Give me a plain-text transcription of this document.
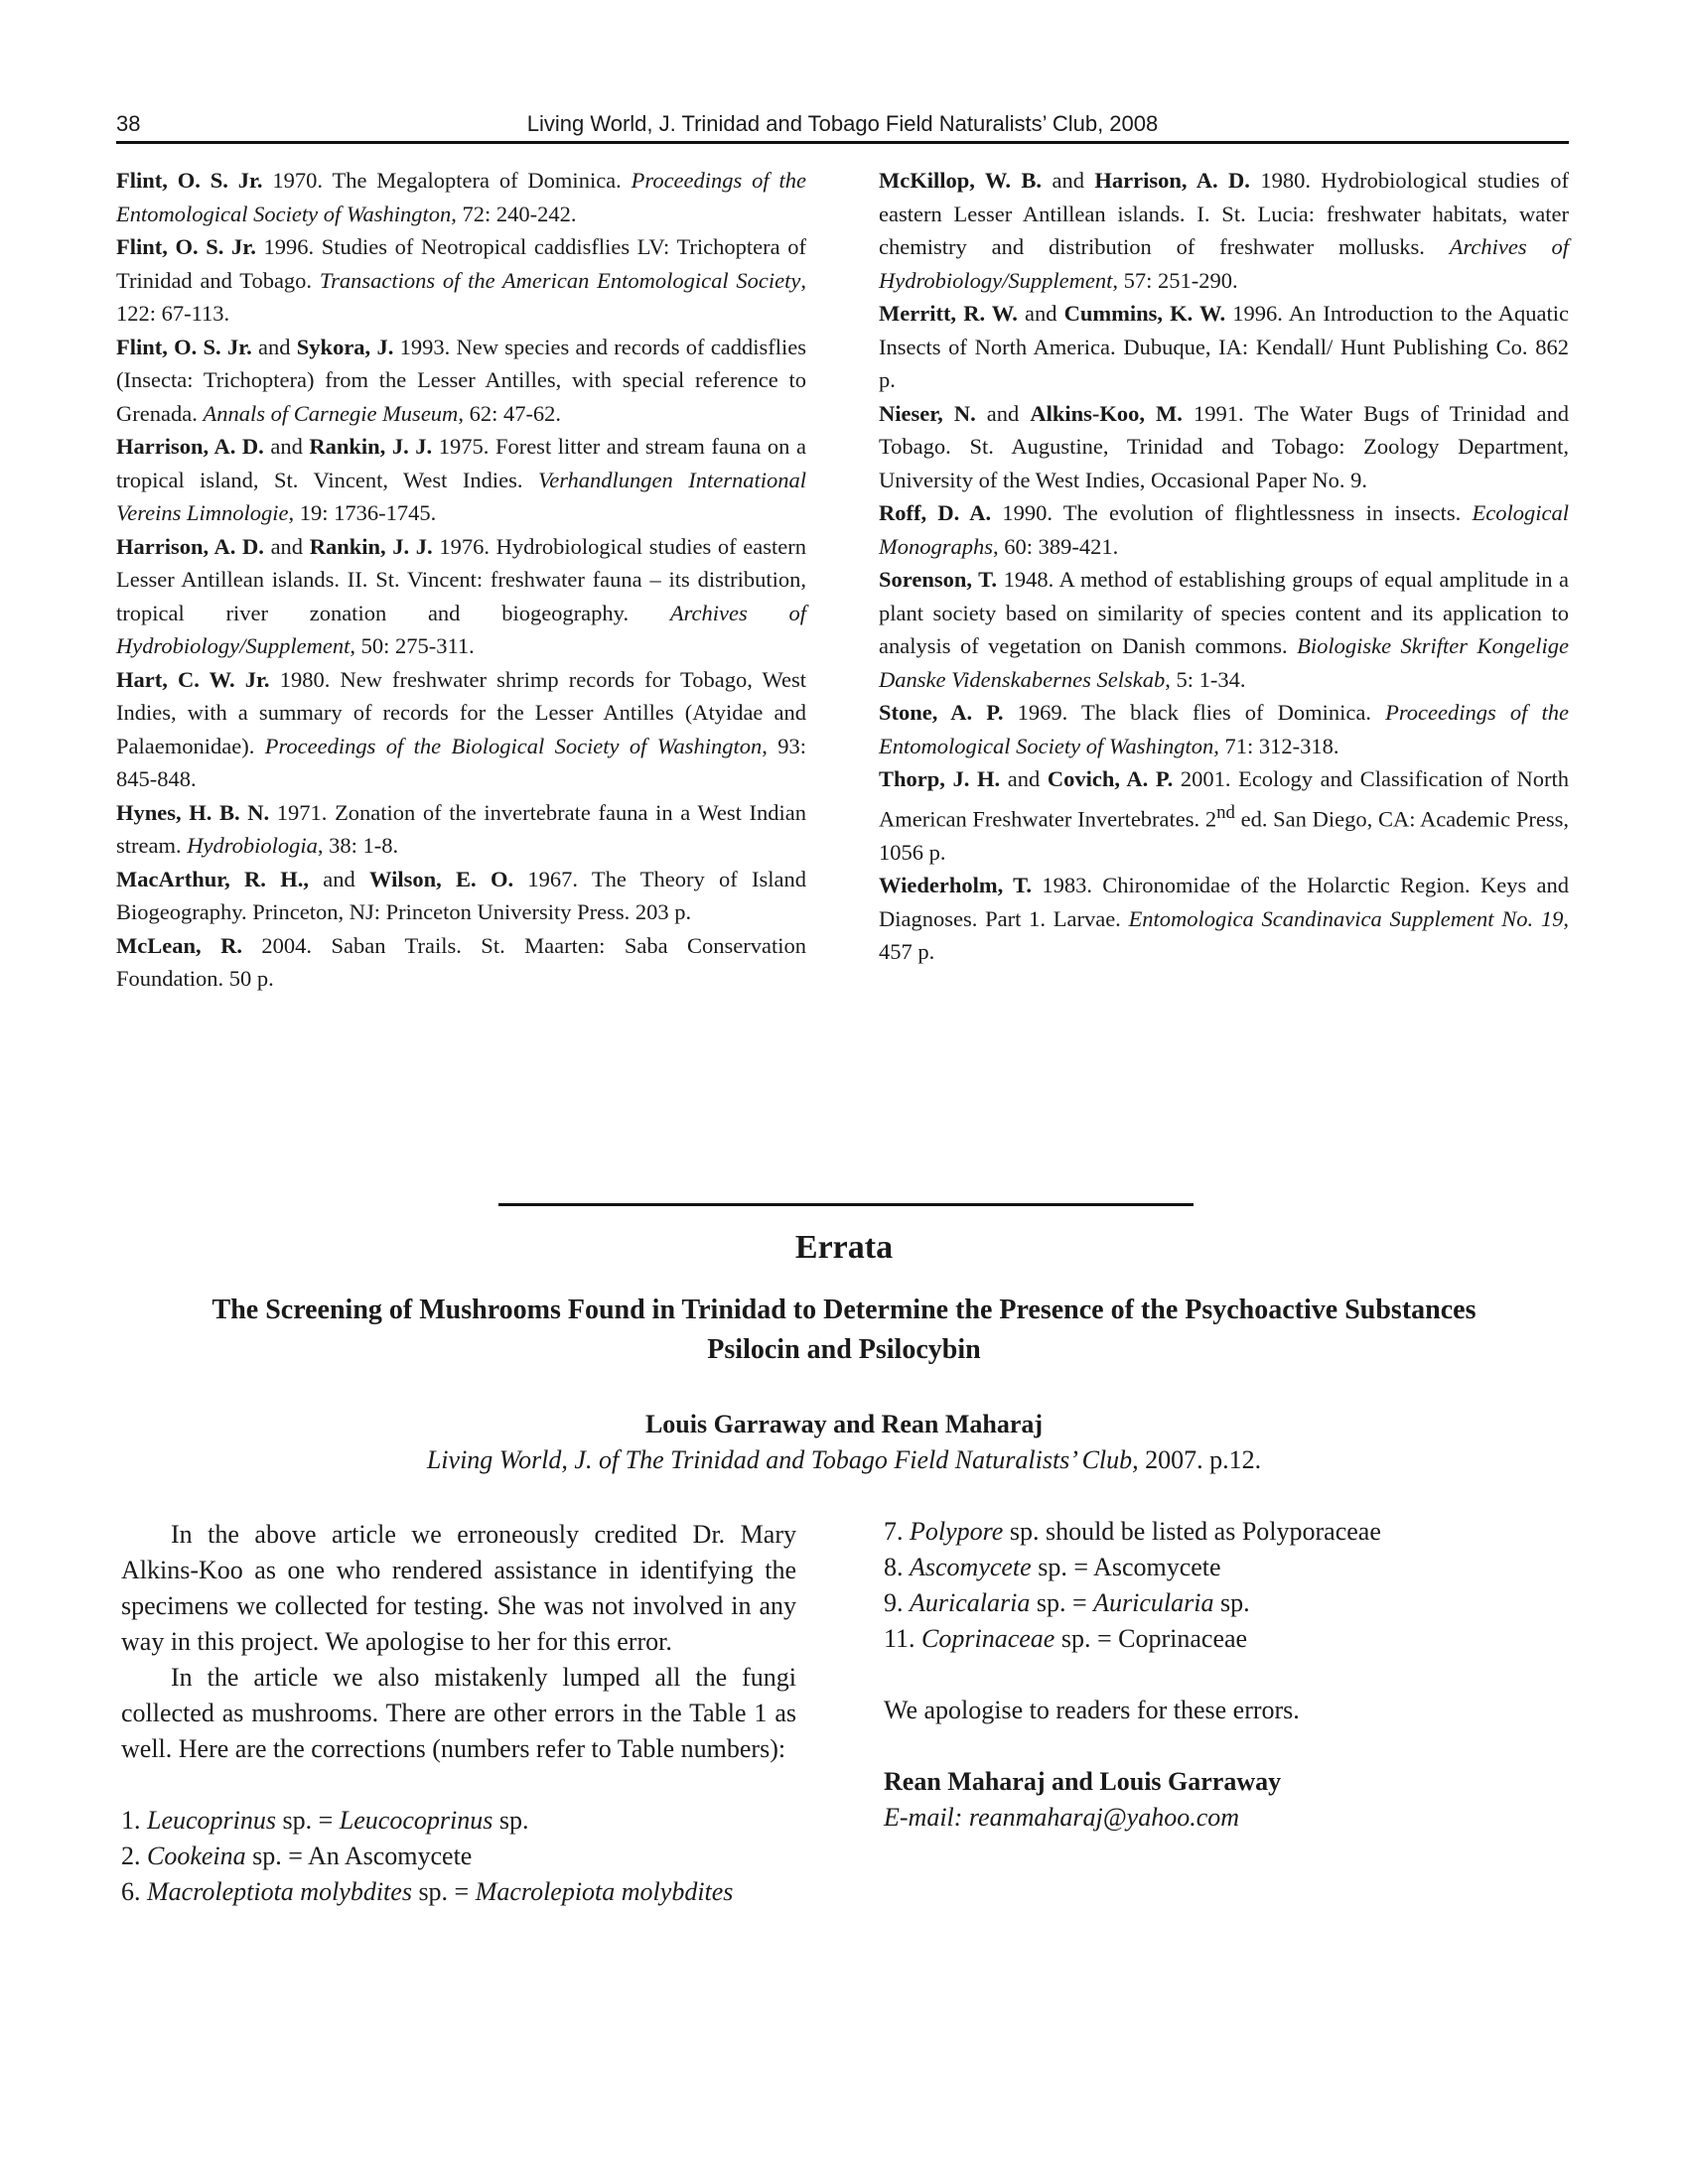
38	Living World, J. Trinidad and Tobago Field Naturalists’ Club, 2008

Flint, O. S. Jr. 1970. The Megaloptera of Dominica. Proceedings of the Entomological Society of Washington, 72: 240-242.

Flint, O. S. Jr. 1996. Studies of Neotropical caddisflies LV: Trichoptera of Trinidad and Tobago. Transactions of the American Entomological Society, 122: 67-113.

Flint, O. S. Jr. and Sykora, J. 1993. New species and records of caddisflies (Insecta: Trichoptera) from the Lesser Antilles, with special reference to Grenada. Annals of Carnegie Museum, 62: 47-62.

Harrison, A. D. and Rankin, J. J. 1975. Forest litter and stream fauna on a tropical island, St. Vincent, West Indies. Verhandlungen International Vereins Limnologie, 19: 1736-1745.

Harrison, A. D. and Rankin, J. J. 1976. Hydrobiological studies of eastern Lesser Antillean islands. II. St. Vincent: freshwater fauna – its distribution, tropical river zonation and biogeography. Archives of Hydrobiology/Supplement, 50: 275-311.

Hart, C. W. Jr. 1980. New freshwater shrimp records for Tobago, West Indies, with a summary of records for the Lesser Antilles (Atyidae and Palaemonidae). Proceedings of the Biological Society of Washington, 93: 845-848.

Hynes, H. B. N. 1971. Zonation of the invertebrate fauna in a West Indian stream. Hydrobiologia, 38: 1-8.

MacArthur, R. H., and Wilson, E. O. 1967. The Theory of Island Biogeography. Princeton, NJ: Princeton University Press. 203 p.

McLean, R. 2004. Saban Trails. St. Maarten: Saba Conservation Foundation. 50 p.

McKillop, W. B. and Harrison, A. D. 1980. Hydrobiological studies of eastern Lesser Antillean islands. I. St. Lucia: freshwater habitats, water chemistry and distribution of freshwater mollusks. Archives of Hydrobiology/Supplement, 57: 251-290.

Merritt, R. W. and Cummins, K. W. 1996. An Introduction to the Aquatic Insects of North America. Dubuque, IA: Kendall/ Hunt Publishing Co. 862 p.

Nieser, N. and Alkins-Koo, M. 1991. The Water Bugs of Trinidad and Tobago. St. Augustine, Trinidad and Tobago: Zoology Department, University of the West Indies, Occasional Paper No. 9.

Roff, D. A. 1990. The evolution of flightlessness in insects. Ecological Monographs, 60: 389-421.

Sorenson, T. 1948. A method of establishing groups of equal amplitude in a plant society based on similarity of species content and its application to analysis of vegetation on Danish commons. Biologiske Skrifter Kongelige Danske Videnskabernes Selskab, 5: 1-34.

Stone, A. P. 1969. The black flies of Dominica. Proceedings of the Entomological Society of Washington, 71: 312-318.

Thorp, J. H. and Covich, A. P. 2001. Ecology and Classification of North American Freshwater Invertebrates. 2nd ed. San Diego, CA: Academic Press, 1056 p.

Wiederholm, T. 1983. Chironomidae of the Holarctic Region. Keys and Diagnoses. Part 1. Larvae. Entomologica Scandinavica Supplement No. 19, 457 p.

Errata
The Screening of Mushrooms Found in Trinidad to Determine the Presence of the Psychoactive Substances Psilocin and Psilocybin
Louis Garraway and Rean Maharaj
Living World, J. of The Trinidad and Tobago Field Naturalists’ Club, 2007. p.12.

In the above article we erroneously credited Dr. Mary Alkins-Koo as one who rendered assistance in identifying the specimens we collected for testing. She was not involved in any way in this project. We apologise to her for this error.

In the article we also mistakenly lumped all the fungi collected as mushrooms. There are other errors in the Table 1 as well. Here are the corrections (numbers refer to Table numbers):

1. Leucoprinus sp. = Leucocoprinus sp.

2. Cookeina sp. = An Ascomycete

6. Macroleptiota molybdites sp. = Macrolepiota molybdites

7. Polypore sp. should be listed as Polyporaceae

8. Ascomycete sp. = Ascomycete

9. Auricalaria sp. = Auricularia sp.

11. Coprinaceae sp. = Coprinaceae

We apologise to readers for these errors.

Rean Maharaj and Louis Garraway

E-mail: reanmaharaj@yahoo.com
